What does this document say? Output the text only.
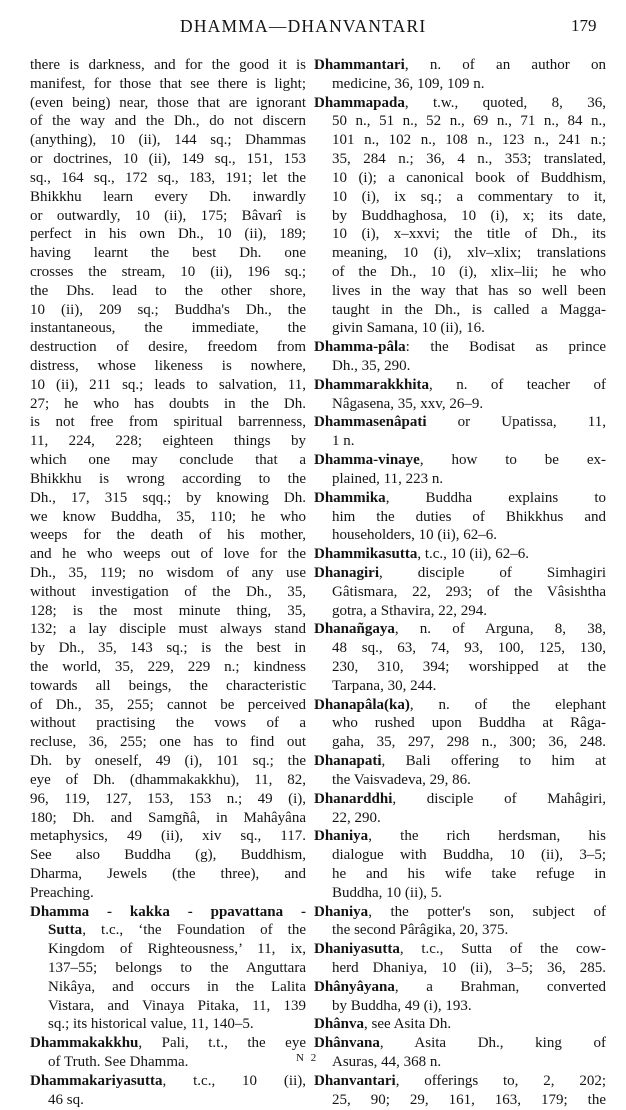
DHAMMA—DHANVANTARI	179
there is darkness, and for the good it is
manifest, for those that see there is light;
(even being) near, those that are ignorant
of the way and the Dh., do not discern
(anything), 10 (ii), 144 sq.; Dhammas
or doctrines, 10 (ii), 149 sq., 151, 153
sq., 164 sq., 172 sq., 183, 191; let the
Bhikkhu learn every Dh. inwardly
or outwardly, 10 (ii), 175; Bâvarî is
perfect in his own Dh., 10 (ii), 189;
having learnt the best Dh. one
crosses the stream, 10 (ii), 196 sq.;
the Dhs. lead to the other shore,
10 (ii), 209 sq.; Buddha's Dh., the
instantaneous, the immediate, the
destruction of desire, freedom from
distress, whose likeness is nowhere,
10 (ii), 211 sq.; leads to salvation, 11,
27; he who has doubts in the Dh.
is not free from spiritual barrenness,
11, 224, 228; eighteen things by
which one may conclude that a
Bhikkhu is wrong according to the
Dh., 17, 315 sqq.; by knowing Dh.
we know Buddha, 35, 110; he who
weeps for the death of his mother,
and he who weeps out of love for the
Dh., 35, 119; no wisdom of any use
without investigation of the Dh., 35,
128; is the most minute thing, 35,
132; a lay disciple must always stand
by Dh., 35, 143 sq.; is the best in
the world, 35, 229, 229 n.; kindness
towards all beings, the characteristic
of Dh., 35, 255; cannot be perceived
without practising the vows of a
recluse, 36, 255; one has to find out
Dh. by oneself, 49 (i), 101 sq.; the
eye of Dh. (dhammakakkhu), 11, 82,
96, 119, 127, 153, 153 n.; 49 (i),
180; Dh. and Samgñâ, in Mahâyâna
metaphysics, 49 (ii), xiv sq., 117.
See also Buddha (g), Buddhism,
Dharma, Jewels (the three), and
Preaching.
Dhamma - kakka - ppavattana -
Sutta, t.c., ‘the Foundation of the
Kingdom of Righteousness,’ 11, ix,
137–55; belongs to the Anguttara
Nikâya, and occurs in the Lalita
Vistara, and Vinaya Pitaka, 11, 139
sq.; its historical value, 11, 140–5.
Dhammakakkhu, Pali, t.t., the eye
of Truth. See Dhamma.
Dhammakariyasutta, t.c., 10 (ii),
46 sq.
Dhammantari, n. of an author on
medicine, 36, 109, 109 n.
Dhammapada, t.w., quoted, 8, 36,
50 n., 51 n., 52 n., 69 n., 71 n., 84 n.,
101 n., 102 n., 108 n., 123 n., 241 n.;
35, 284 n.; 36, 4 n., 353; translated,
10 (i); a canonical book of Buddhism,
10 (i), ix sq.; a commentary to it,
by Buddhaghosa, 10 (i), x; its date,
10 (i), x–xxvi; the title of Dh., its
meaning, 10 (i), xlv–xlix; translations
of the Dh., 10 (i), xlix–lii; he who
lives in the way that has so well been
taught in the Dh., is called a Magga-
givin Samana, 10 (ii), 16.
Dhamma-pâla: the Bodisat as prince
Dh., 35, 290.
Dhammarakkhita, n. of teacher of
Nâgasena, 35, xxv, 26–9.
Dhammasenâpati or Upatissa, 11,
1 n.
Dhamma-vinaye, how to be ex-
plained, 11, 223 n.
Dhammika, Buddha explains to
him the duties of Bhikkhus and
householders, 10 (ii), 62–6.
Dhammikasutta, t.c., 10 (ii), 62–6.
Dhanagiri, disciple of Simhagiri
Gâtismara, 22, 293; of the Vâsishtha
gotra, a Sthavira, 22, 294.
Dhanañgaya, n. of Arguna, 8, 38,
48 sq., 63, 74, 93, 100, 125, 130,
230, 310, 394; worshipped at the
Tarpana, 30, 244.
Dhanapâla(ka), n. of the elephant
who rushed upon Buddha at Râga-
gaha, 35, 297, 298 n., 300; 36, 248.
Dhanapati, Bali offering to him at
the Vaisvadeva, 29, 86.
Dhanarddhi, disciple of Mahâgiri,
22, 290.
Dhaniya, the rich herdsman, his
dialogue with Buddha, 10 (ii), 3–5;
he and his wife take refuge in
Buddha, 10 (ii), 5.
Dhaniya, the potter's son, subject of
the second Pârâgika, 20, 375.
Dhaniyasutta, t.c., Sutta of the cow-
herd Dhaniya, 10 (ii), 3–5; 36, 285.
Dhânyâyana, a Brahman, converted
by Buddha, 49 (i), 193.
Dhânva, see Asita Dh.
Dhânvana, Asita Dh., king of
Asuras, 44, 368 n.
Dhanvantari, offerings to, 2, 202;
25, 90; 29, 161, 163, 179; the
N 2
